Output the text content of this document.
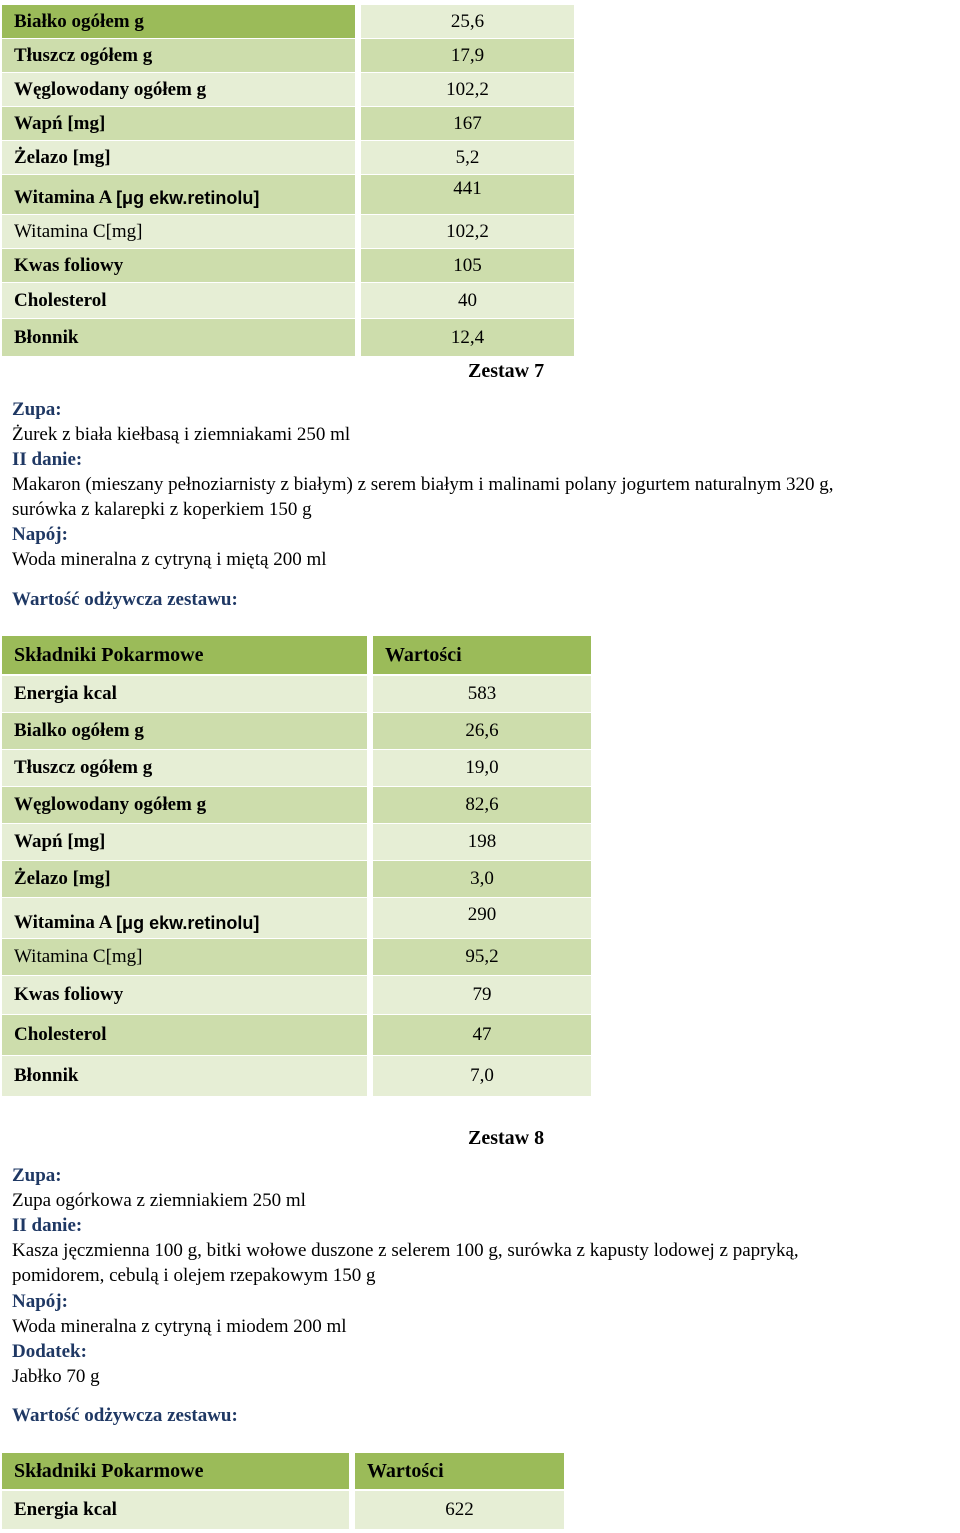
Białko ogółem g	25,6
Tłuszcz ogółem g	17,9
Węglowodany ogółem g	102,2
Wapń [mg]	167
Żelazo [mg]	5,2
Witamina A [μg ekw.retinolu]	441
Witamina C[mg]	102,2
Kwas foliowy	105
Cholesterol	40
Błonnik	12,4
Zestaw 7
Zupa:
Żurek z biała kiełbasą i ziemniakami 250 ml
II danie:
Makaron (mieszany pełnoziarnisty z białym) z serem białym i malinami polany jogurtem naturalnym 320 g,
surówka z kalarepki z koperkiem 150 g
Napój:
Woda mineralna z cytryną i miętą 200 ml
Wartość odżywcza zestawu:
Składniki Pokarmowe	Wartości
Energia kcal	583
Bialko ogółem g	26,6
Tłuszcz ogółem g	19,0
Węglowodany ogółem g	82,6
Wapń [mg]	198
Żelazo [mg]	3,0
Witamina A [μg ekw.retinolu]	290
Witamina C[mg]	95,2
Kwas foliowy	79
Cholesterol	47
Błonnik	7,0
Zestaw 8
Zupa:
Zupa ogórkowa z ziemniakiem 250 ml
II danie:
Kasza jęczmienna 100 g, bitki wołowe duszone z selerem 100 g, surówka z kapusty lodowej z papryką,
pomidorem, cebulą i olejem rzepakowym 150 g
Napój:
Woda mineralna z cytryną i miodem 200 ml
Dodatek:
Jabłko 70 g
Wartość odżywcza zestawu:
Składniki Pokarmowe	Wartości
Energia kcal	622
